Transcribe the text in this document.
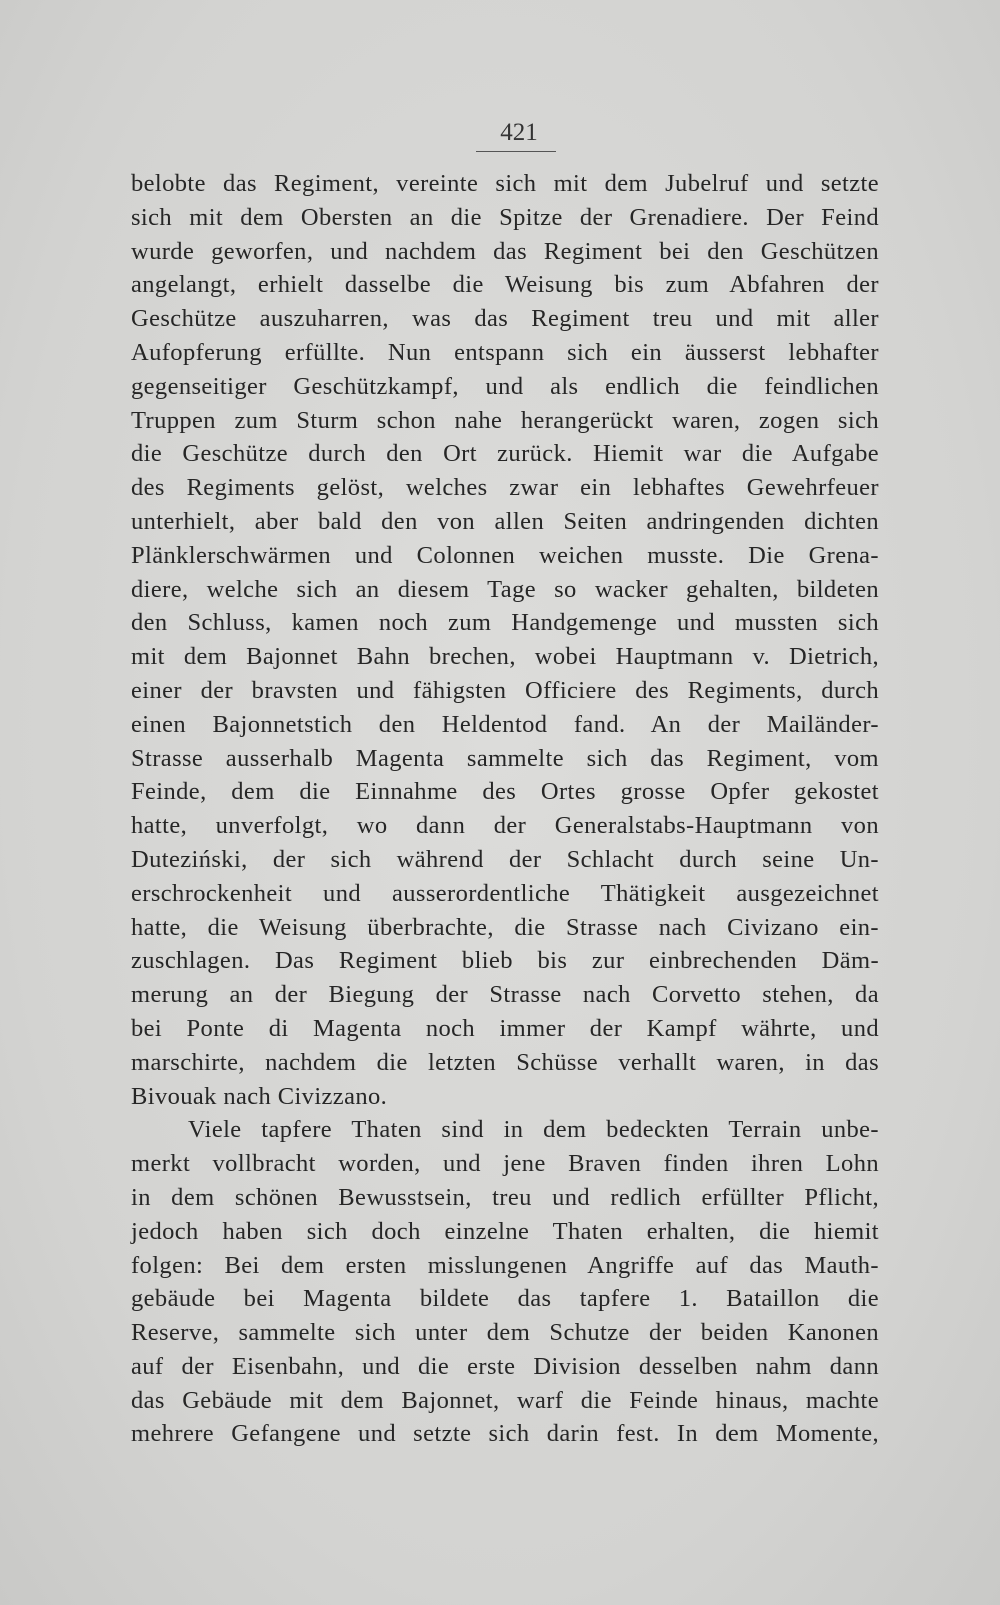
421
belobte das Regiment, vereinte sich mit dem Jubelruf und setzte
sich mit dem Obersten an die Spitze der Grenadiere. Der Feind
wurde geworfen, und nachdem das Regiment bei den Geschützen
angelangt, erhielt dasselbe die Weisung bis zum Abfahren der
Geschütze auszuharren, was das Regiment treu und mit aller
Aufopferung erfüllte. Nun entspann sich ein äusserst lebhafter
gegenseitiger Geschützkampf, und als endlich die feindlichen
Truppen zum Sturm schon nahe herangerückt waren, zogen sich
die Geschütze durch den Ort zurück. Hiemit war die Aufgabe
des Regiments gelöst, welches zwar ein lebhaftes Gewehrfeuer
unterhielt, aber bald den von allen Seiten andringenden dichten
Plänklerschwärmen und Colonnen weichen musste. Die Grena-
diere, welche sich an diesem Tage so wacker gehalten, bildeten
den Schluss, kamen noch zum Handgemenge und mussten sich
mit dem Bajonnet Bahn brechen, wobei Hauptmann v. Dietrich,
einer der bravsten und fähigsten Officiere des Regiments, durch
einen Bajonnetstich den Heldentod fand. An der Mailänder-
Strasse ausserhalb Magenta sammelte sich das Regiment, vom
Feinde, dem die Einnahme des Ortes grosse Opfer gekostet
hatte, unverfolgt, wo dann der Generalstabs-Hauptmann von
Duteziński, der sich während der Schlacht durch seine Un-
erschrockenheit und ausserordentliche Thätigkeit ausgezeichnet
hatte, die Weisung überbrachte, die Strasse nach Civizano ein-
zuschlagen. Das Regiment blieb bis zur einbrechenden Däm-
merung an der Biegung der Strasse nach Corvetto stehen, da
bei Ponte di Magenta noch immer der Kampf währte, und
marschirte, nachdem die letzten Schüsse verhallt waren, in das
Bivouak nach Civizzano.
Viele tapfere Thaten sind in dem bedeckten Terrain unbe-
merkt vollbracht worden, und jene Braven finden ihren Lohn
in dem schönen Bewusstsein, treu und redlich erfüllter Pflicht,
jedoch haben sich doch einzelne Thaten erhalten, die hiemit
folgen: Bei dem ersten misslungenen Angriffe auf das Mauth-
gebäude bei Magenta bildete das tapfere 1. Bataillon die
Reserve, sammelte sich unter dem Schutze der beiden Kanonen
auf der Eisenbahn, und die erste Division desselben nahm dann
das Gebäude mit dem Bajonnet, warf die Feinde hinaus, machte
mehrere Gefangene und setzte sich darin fest. In dem Momente,
